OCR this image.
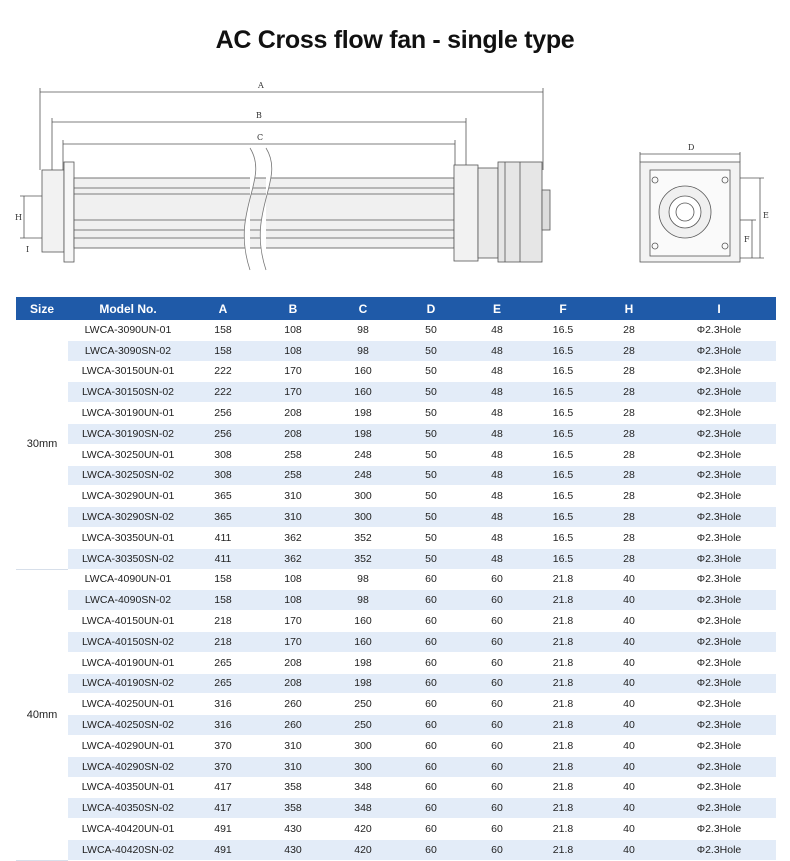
AC Cross flow fan - single type
A
B
C
D
E
F
H
I
Size	Model No.	A	B	C	D	E	F	H	I
30mm	LWCA-3090UN-01	158	108	98	50	48	16.5	28	Φ2.3Hole
	LWCA-3090SN-02	158	108	98	50	48	16.5	28	Φ2.3Hole
	LWCA-30150UN-01	222	170	160	50	48	16.5	28	Φ2.3Hole
	LWCA-30150SN-02	222	170	160	50	48	16.5	28	Φ2.3Hole
	LWCA-30190UN-01	256	208	198	50	48	16.5	28	Φ2.3Hole
	LWCA-30190SN-02	256	208	198	50	48	16.5	28	Φ2.3Hole
	LWCA-30250UN-01	308	258	248	50	48	16.5	28	Φ2.3Hole
	LWCA-30250SN-02	308	258	248	50	48	16.5	28	Φ2.3Hole
	LWCA-30290UN-01	365	310	300	50	48	16.5	28	Φ2.3Hole
	LWCA-30290SN-02	365	310	300	50	48	16.5	28	Φ2.3Hole
	LWCA-30350UN-01	411	362	352	50	48	16.5	28	Φ2.3Hole
	LWCA-30350SN-02	411	362	352	50	48	16.5	28	Φ2.3Hole
40mm	LWCA-4090UN-01	158	108	98	60	60	21.8	40	Φ2.3Hole
	LWCA-4090SN-02	158	108	98	60	60	21.8	40	Φ2.3Hole
	LWCA-40150UN-01	218	170	160	60	60	21.8	40	Φ2.3Hole
	LWCA-40150SN-02	218	170	160	60	60	21.8	40	Φ2.3Hole
	LWCA-40190UN-01	265	208	198	60	60	21.8	40	Φ2.3Hole
	LWCA-40190SN-02	265	208	198	60	60	21.8	40	Φ2.3Hole
	LWCA-40250UN-01	316	260	250	60	60	21.8	40	Φ2.3Hole
	LWCA-40250SN-02	316	260	250	60	60	21.8	40	Φ2.3Hole
	LWCA-40290UN-01	370	310	300	60	60	21.8	40	Φ2.3Hole
	LWCA-40290SN-02	370	310	300	60	60	21.8	40	Φ2.3Hole
	LWCA-40350UN-01	417	358	348	60	60	21.8	40	Φ2.3Hole
	LWCA-40350SN-02	417	358	348	60	60	21.8	40	Φ2.3Hole
	LWCA-40420UN-01	491	430	420	60	60	21.8	40	Φ2.3Hole
	LWCA-40420SN-02	491	430	420	60	60	21.8	40	Φ2.3Hole
